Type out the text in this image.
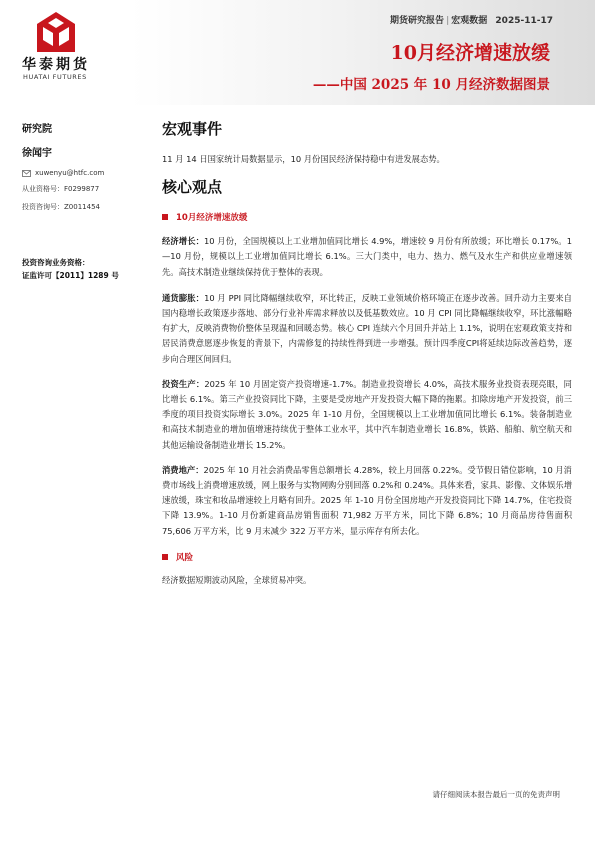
华泰期货
HUATAI FUTURES
期货研究报告 | 宏观数据 2025-11-17
10月经济增速放缓
——中国 2025 年 10 月经济数据图景
研究院
徐闻宇
xuwenyu@htfc.com
从业资格号： F0299877
投资咨询号： Z0011454
投资咨询业务资格：
证监许可【2011】1289 号
宏观事件
11 月 14 日国家统计局数据显示，10 月份国民经济保持稳中有进发展态势。
核心观点
10月经济增速放缓
经济增长：10 月份，全国规模以上工业增加值同比增长 4.9%，增速较 9 月份有所放缓；环比增长 0.17%。1—10 月份，规模以上工业增加值同比增长 6.1%。三大门类中，电力、热力、燃气及水生产和供应业增速领先。高技术制造业继续保持优于整体的表现。
通货膨胀：10 月 PPI 同比降幅继续收窄，环比转正，反映工业领域价格环境正在逐步改善。回升动力主要来自国内稳增长政策逐步落地、部分行业补库需求释放以及低基数效应。10 月 CPI 同比降幅继续收窄，环比涨幅略有扩大，反映消费物价整体呈现温和回暖态势。核心 CPI 连续六个月回升并站上 1.1%，说明在宏观政策支持和居民消费意愿逐步恢复的背景下，内需修复的持续性得到进一步增强。预计四季度CPI将延续边际改善趋势，逐步向合理区间回归。
投资生产：2025 年 10 月固定资产投资增速-1.7%。制造业投资增长 4.0%，高技术服务业投资表现亮眼，同比增长 6.1%。第三产业投资同比下降，主要是受房地产开发投资大幅下降的拖累。扣除房地产开发投资，前三季度的项目投资实际增长 3.0%。2025 年 1-10 月份，全国规模以上工业增加值同比增长 6.1%。装备制造业和高技术制造业的增加值增速持续优于整体工业水平，其中汽车制造业增长 16.8%，铁路、船舶、航空航天和其他运输设备制造业增长 15.2%。
消费地产：2025 年 10 月社会消费品零售总额增长 4.28%，较上月回落 0.22%。受节假日错位影响，10 月消费市场线上消费增速放缓，网上服务与实物网购分别回落 0.2%和 0.24%。具体来看，家具、影像、文体娱乐增速放缓，珠宝和妆品增速较上月略有回升。2025 年 1-10 月份全国房地产开发投资同比下降 14.7%，住宅投资下降 13.9%。1-10 月份新建商品房销售面积 71,982 万平方米，同比下降 6.8%；10 月商品房待售面积 75,606 万平方米，比 9 月末减少 322 万平方米，显示库存有所去化。
风险
经济数据短期波动风险，全球贸易冲突。
请仔细阅读本报告最后一页的免责声明
